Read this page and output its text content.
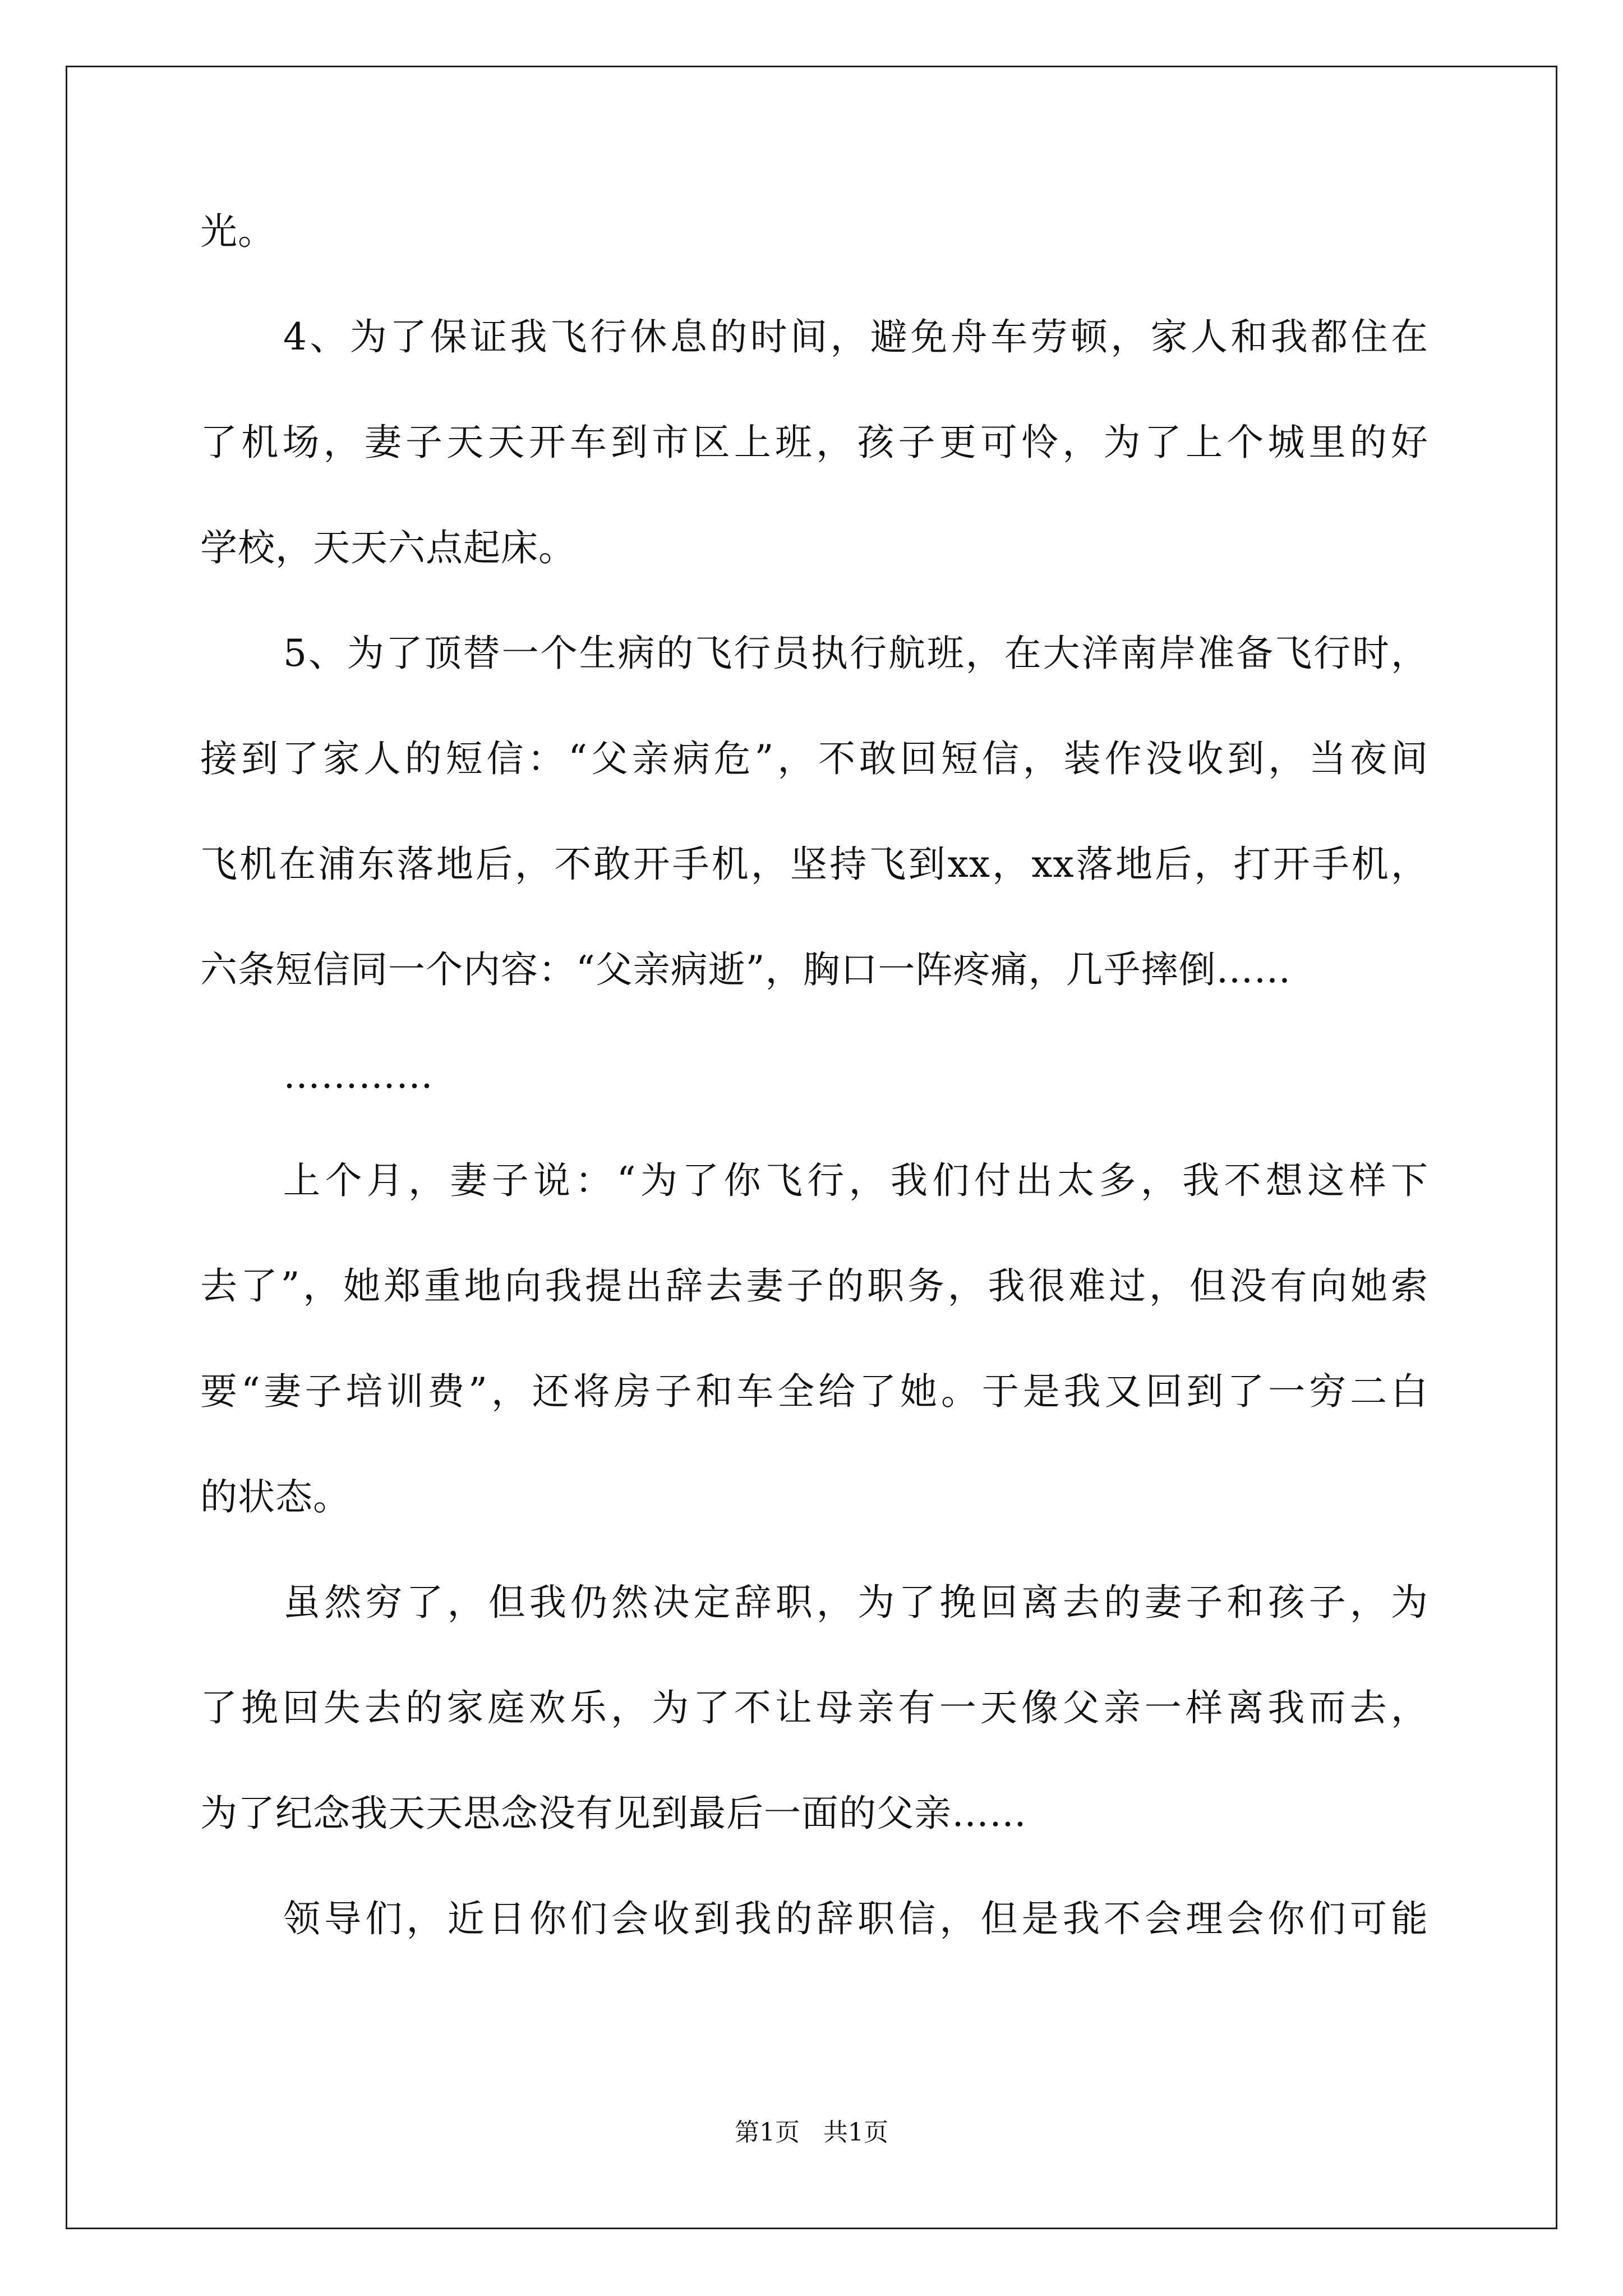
光。
4、为了保证我飞行休息的时间，避免舟车劳顿，家人和我都住在
了机场，妻子天天开车到市区上班，孩子更可怜，为了上个城里的好
学校，天天六点起床。
5、为了顶替一个生病的飞行员执行航班，在大洋南岸准备飞行时，
接到了家人的短信：“父亲病危”，不敢回短信，装作没收到，当夜间
飞机在浦东落地后，不敢开手机，坚持飞到xx，xx落地后，打开手机，
六条短信同一个内容：“父亲病逝”，胸口一阵疼痛，几乎摔倒……
…………
上个月，妻子说：“为了你飞行，我们付出太多，我不想这样下
去了”，她郑重地向我提出辞去妻子的职务，我很难过，但没有向她索
要“妻子培训费”，还将房子和车全给了她。于是我又回到了一穷二白
的状态。
虽然穷了，但我仍然决定辞职，为了挽回离去的妻子和孩子，为
了挽回失去的家庭欢乐，为了不让母亲有一天像父亲一样离我而去，
为了纪念我天天思念没有见到最后一面的父亲……
领导们，近日你们会收到我的辞职信，但是我不会理会你们可能
第1页   共1页
